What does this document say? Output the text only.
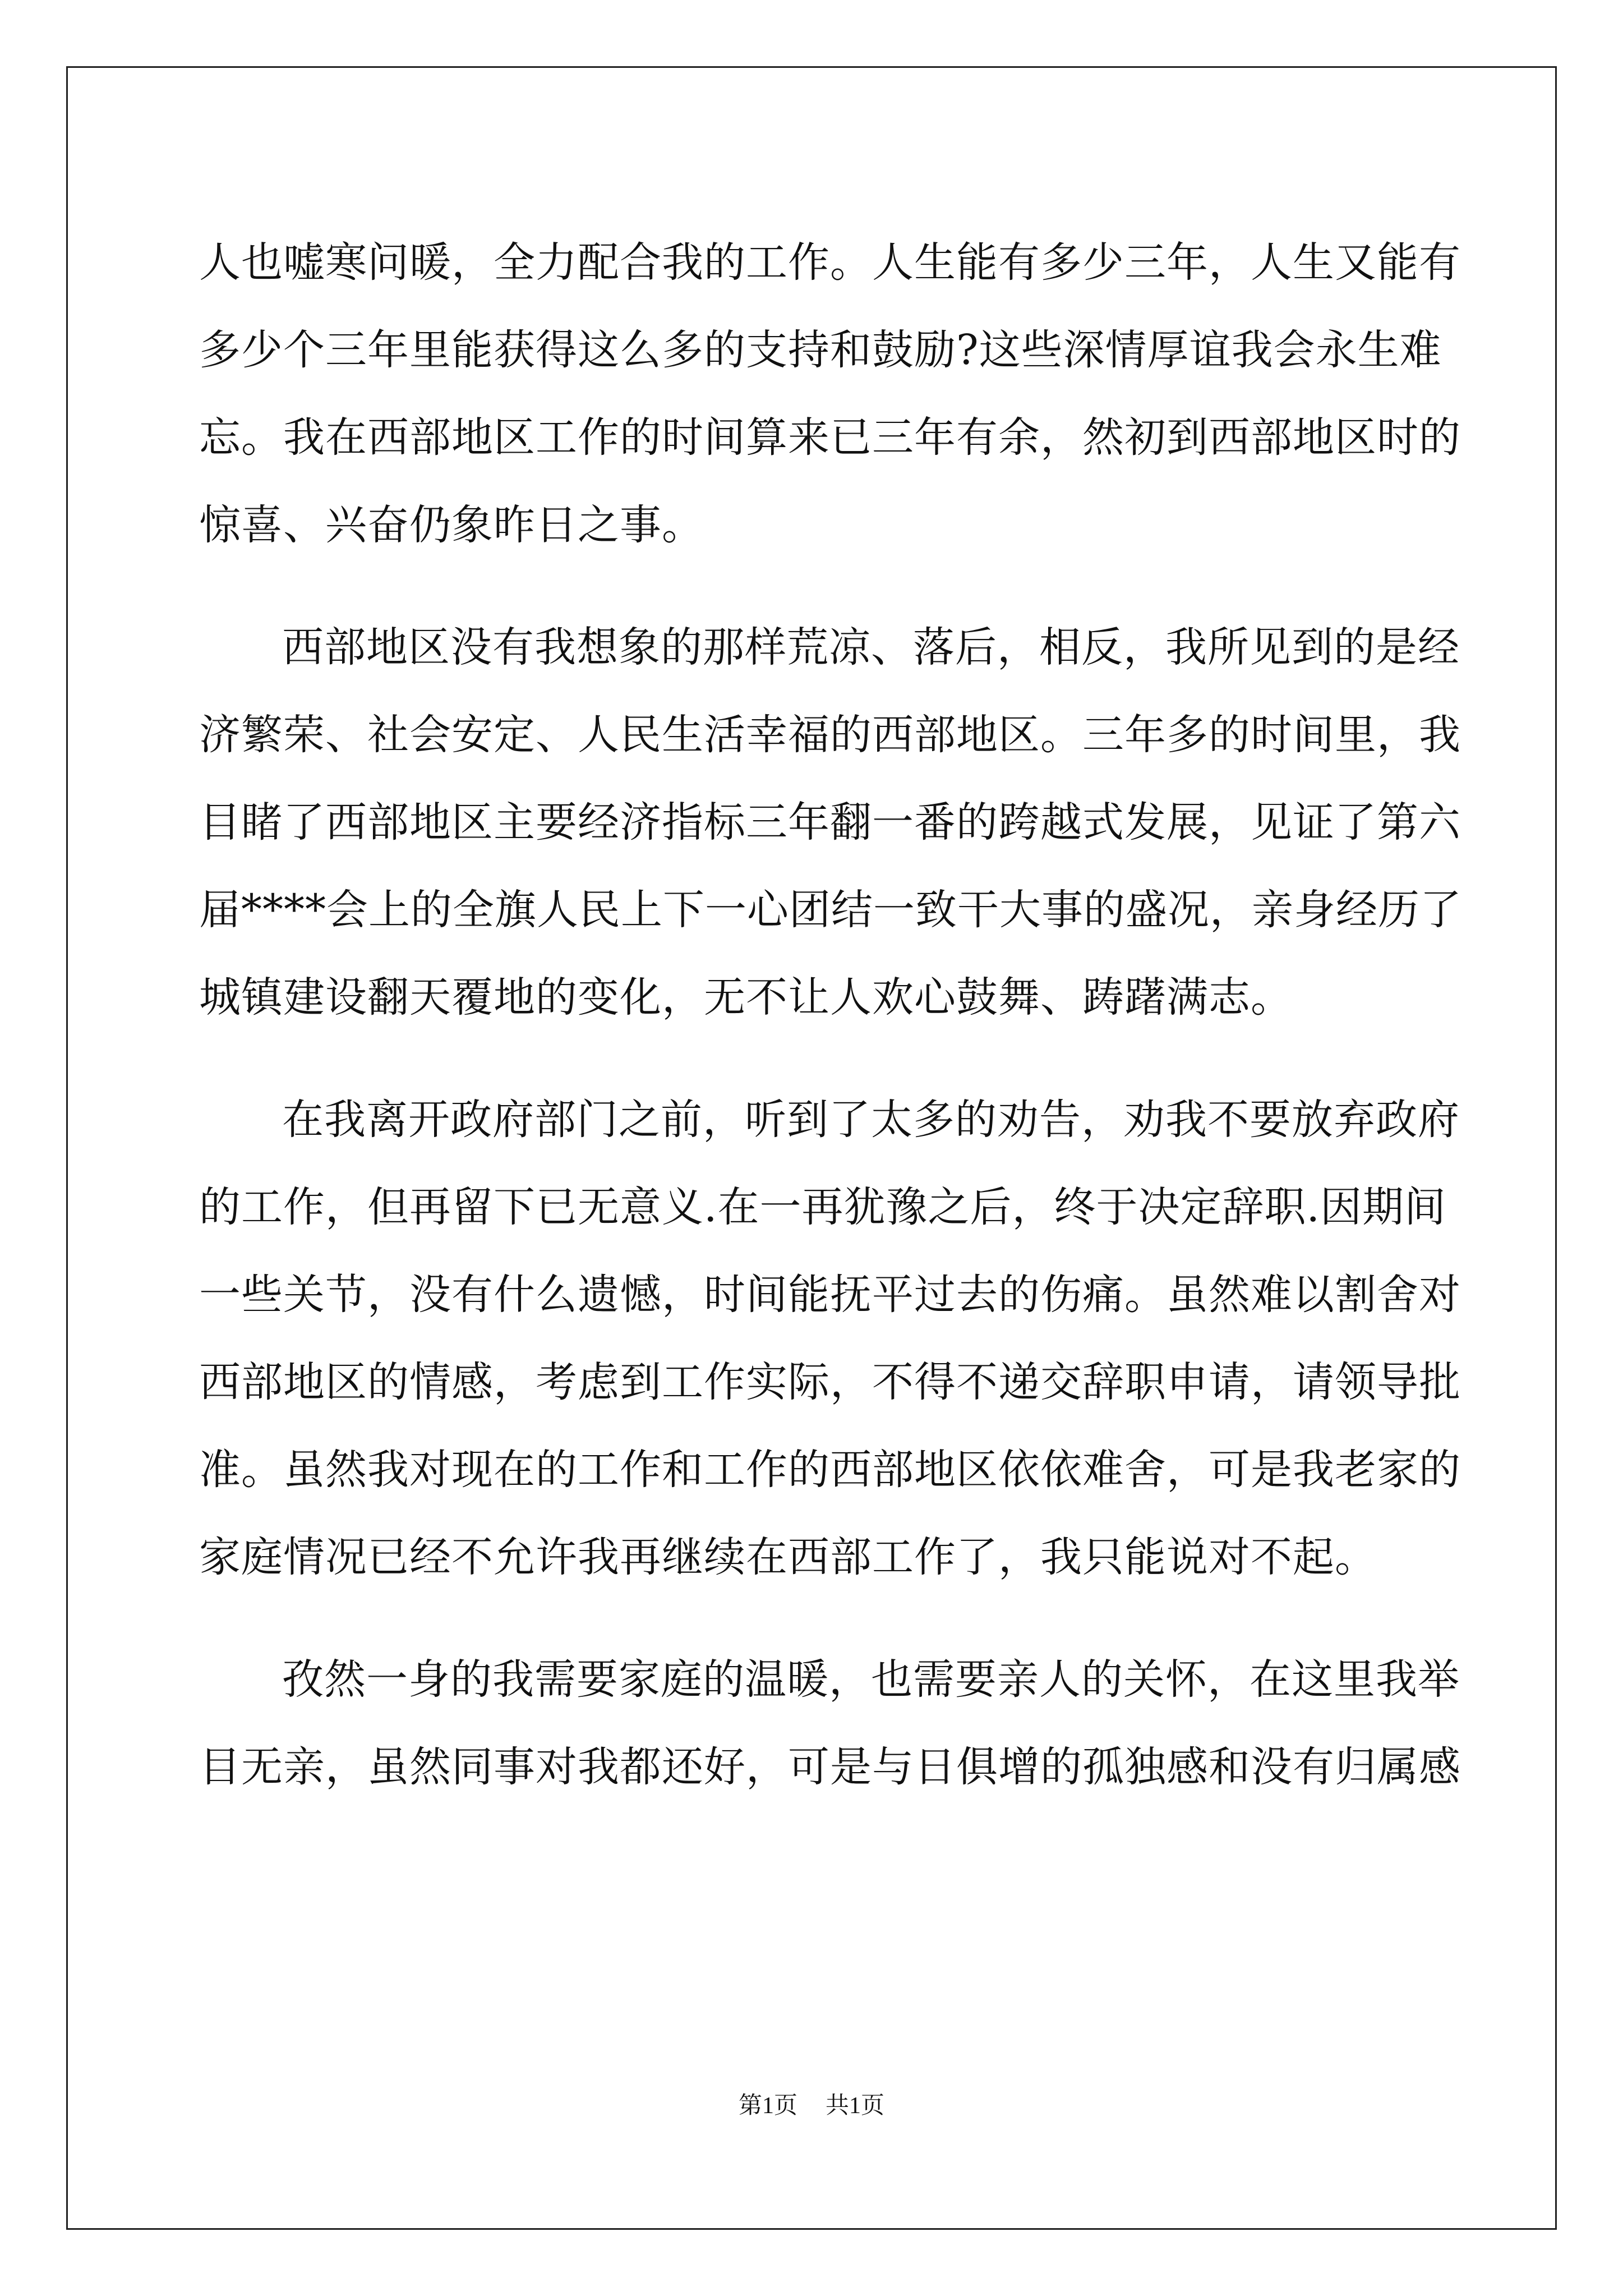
人也嘘寒问暖，全力配合我的工作。人生能有多少三年，人生又能有
多少个三年里能获得这么多的支持和鼓励?这些深情厚谊我会永生难
忘。我在西部地区工作的时间算来已三年有余，然初到西部地区时的
惊喜、兴奋仍象昨日之事。
西部地区没有我想象的那样荒凉、落后，相反，我所见到的是经
济繁荣、社会安定、人民生活幸福的西部地区。三年多的时间里，我
目睹了西部地区主要经济指标三年翻一番的跨越式发展，见证了第六
届****会上的全旗人民上下一心团结一致干大事的盛况，亲身经历了
城镇建设翻天覆地的变化，无不让人欢心鼓舞、踌躇满志。
在我离开政府部门之前，听到了太多的劝告，劝我不要放弃政府
的工作，但再留下已无意义.在一再犹豫之后，终于决定辞职.因期间
一些关节，没有什么遗憾，时间能抚平过去的伤痛。虽然难以割舍对
西部地区的情感，考虑到工作实际，不得不递交辞职申请，请领导批
准。虽然我对现在的工作和工作的西部地区依依难舍，可是我老家的
家庭情况已经不允许我再继续在西部工作了，我只能说对不起。
孜然一身的我需要家庭的温暖，也需要亲人的关怀，在这里我举
目无亲，虽然同事对我都还好，可是与日俱增的孤独感和没有归属感
第1页 共1页
